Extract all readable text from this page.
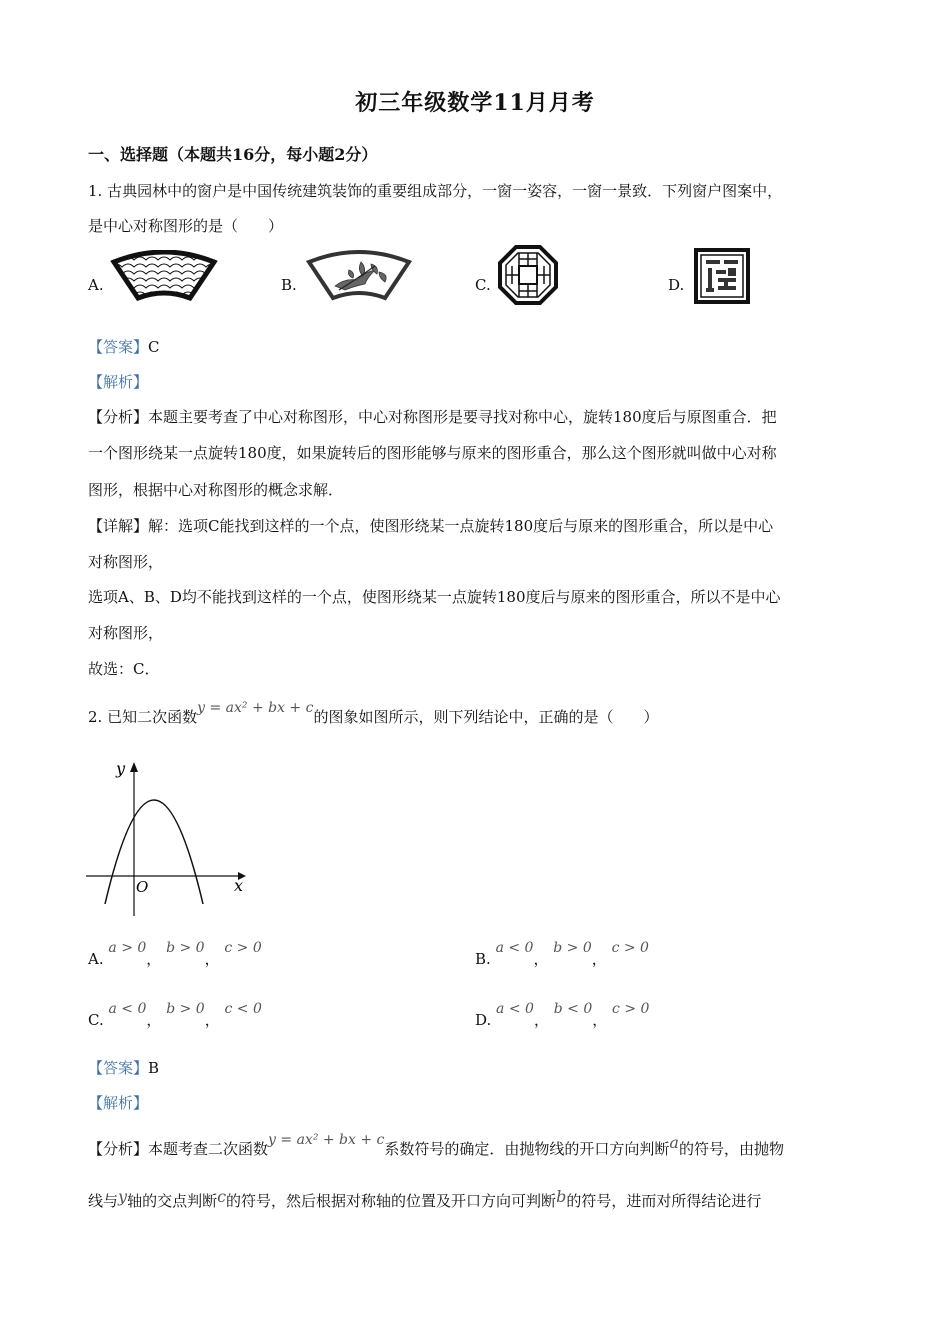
初三年级数学11月月考
一、选择题（本题共16分，每小题2分）
1. 古典园林中的窗户是中国传统建筑装饰的重要组成部分，一窗一姿容，一窗一景致．下列窗户图案中，
是中心对称图形的是（　　）
A.	B.	C.	D.
【答案】C
【解析】
【分析】本题主要考查了中心对称图形，中心对称图形是要寻找对称中心，旋转180度后与原图重合．把
一个图形绕某一点旋转180度，如果旋转后的图形能够与原来的图形重合，那么这个图形就叫做中心对称
图形，根据中心对称图形的概念求解．
【详解】解：选项C能找到这样的一个点，使图形绕某一点旋转180度后与原来的图形重合，所以是中心
对称图形，
选项A、B、D均不能找到这样的一个点，使图形绕某一点旋转180度后与原来的图形重合，所以不是中心
对称图形，
故选：C．
2. 已知二次函数y = ax² + bx + c的图象如图所示，则下列结论中，正确的是（　　）
y
x
O
A. a > 0， b > 0， c > 0
B. a < 0， b > 0， c > 0
C. a < 0， b > 0， c < 0
D. a < 0， b < 0， c > 0
【答案】B
【解析】
【分析】本题考查二次函数y = ax² + bx + c系数符号的确定．由抛物线的开口方向判断a的符号，由抛物
线与y轴的交点判断c的符号，然后根据对称轴的位置及开口方向可判断b的符号，进而对所得结论进行
